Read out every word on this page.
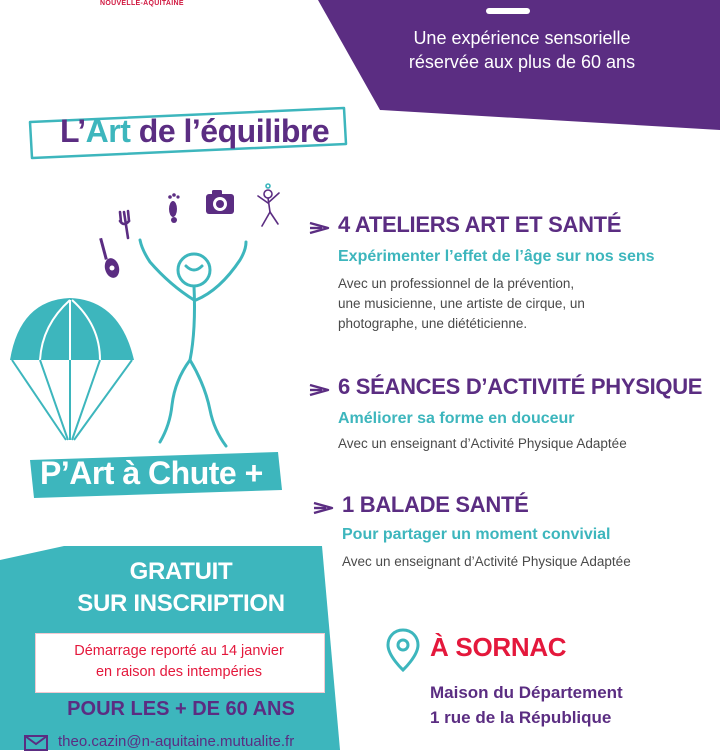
NOUVELLE-AQUITAINE
Une expérience sensorielle
réservée aux plus de 60 ans
L’Art de l’équilibre
P’Art à Chute +
4 ATELIERS ART ET SANTÉ
Expérimenter l’effet de l’âge sur nos sens
Avec un professionnel de la prévention,
une musicienne, une artiste de cirque, un
photographe, une diététicienne.
6 SÉANCES D’ACTIVITÉ PHYSIQUE
Améliorer sa forme en douceur
Avec un enseignant d’Activité Physique Adaptée
1 BALADE SANTÉ
Pour partager un moment convivial
Avec un enseignant d’Activité Physique Adaptée
GRATUIT
SUR INSCRIPTION
Démarrage reporté au 14 janvier
en raison des intempéries
POUR LES + DE 60 ANS
theo.cazin@n-aquitaine.mutualite.fr
À SORNAC
Maison du Département
1 rue de la République
